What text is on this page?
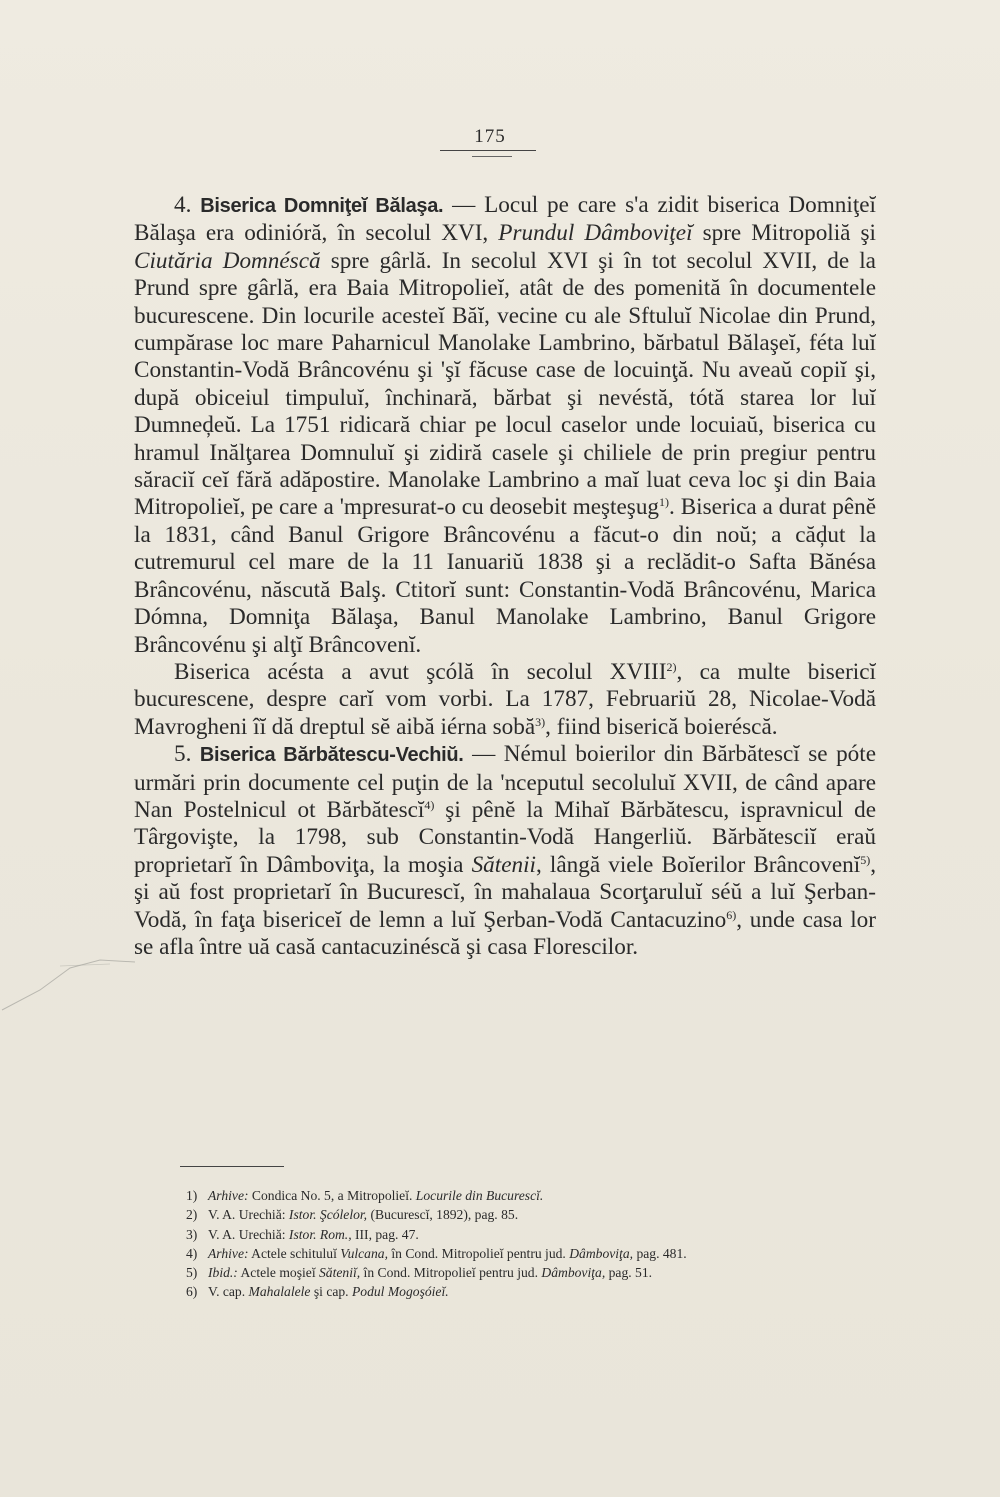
175

4. Biserica Domniţeĭ Bălaşa. — Locul pe care s'a zidit biserica Domniţeĭ Bălaşa era odinióră, în secolul XVI, Prundul Dâmboviţeĭ spre Mitropoliă şi Ciutăria Domnéscă spre gârlă. In secolul XVI şi în tot secolul XVII, de la Prund spre gârlă, era Baia Mitropolieĭ, atât de des pomenită în documentele bucurescene. Din locurile acesteĭ Băĭ, vecine cu ale Sftuluĭ Nicolae din Prund, cumpărase loc mare Paharnicul Manolake Lambrino, bărbatul Bălaşeĭ, féta luĭ Constantin-Vodă Brâncovénu şi 'şĭ făcuse case de locuinţă. Nu aveaŭ copiĭ şi, după obiceiul timpuluĭ, închinară, bărbat şi nevéstă, tótă starea lor luĭ Dumneḑeŭ. La 1751 ridicară chiar pe locul caselor unde locuiaŭ, biserica cu hramul Inălţarea Domnuluĭ şi zidiră casele şi chiliele de prin pregiur pentru săraciĭ ceĭ fără adăpostire. Manolake Lambrino a maĭ luat ceva loc şi din Baia Mitropolieĭ, pe care a 'mpresurat-o cu deosebit meşteşug$^{1)}$. Biserica a durat pênĕ la 1831, când Banul Grigore Brâncovénu a făcut-o din noŭ; a căḑut la cutremurul cel mare de la 11 Ianuariŭ 1838 şi a reclădit-o Safta Bănésa Brâncovénu, născută Balş. Ctitorĭ sunt: Constantin-Vodă Brâncovénu, Marica Dómna, Domniţa Bălaşa, Banul Manolake Lambrino, Banul Grigore Brâncovénu şi alţĭ Brâncovenĭ.

Biserica acésta a avut şcólă în secolul XVIII$^{2)}$, ca multe bisericĭ bucurescene, despre carĭ vom vorbi. La 1787, Februariŭ 28, Nicolae-Vodă Mavrogheni îĭ dă dreptul sĕ aibă iérna sobă$^{3)}$, fiind biserică boieréscă.

5. Biserica Bărbătescu-Vechiŭ. — Némul boierilor din Bărbătescĭ se póte urmări prin documente cel puţin de la 'nceputul secoluluĭ XVII, de când apare Nan Postelnicul ot Bărbătescĭ$^{4)}$ şi pênĕ la Mihaĭ Bărbătescu, ispravnicul de Târgovişte, la 1798, sub Constantin-Vodă Hangerliŭ. Bărbătesciĭ eraŭ proprietarĭ în Dâmboviţa, la moşia Sătenii, lângă viele Boĭerilor Brâncovenĭ$^{5)}$, şi aŭ fost proprietarĭ în Bucurescĭ, în mahalaua Scorţaruluĭ séŭ a luĭ Şerban-Vodă, în faţa bisericeĭ de lemn a luĭ Şerban-Vodă Cantacuzino$^{6)}$, unde casa lor se afla între uă casă cantacuzinéscă şi casa Florescilor.

1) Arhive: Condica No. 5, a Mitropolieĭ. Locurile din Bucurescĭ.
2) V. A. Urechiă: Istor. Şcólelor, (Bucurescĭ, 1892), pag. 85.
3) V. A. Urechiă: Istor. Rom., III, pag. 47.
4) Arhive: Actele schituluĭ Vulcana, în Cond. Mitropolieĭ pentru jud. Dâmboviţa, pag. 481.
5) Ibid.: Actele moşieĭ Săteniĭ, în Cond. Mitropolieĭ pentru jud. Dâmboviţa, pag. 51.
6) V. cap. Mahalalele şi cap. Podul Mogoşóieĭ.
